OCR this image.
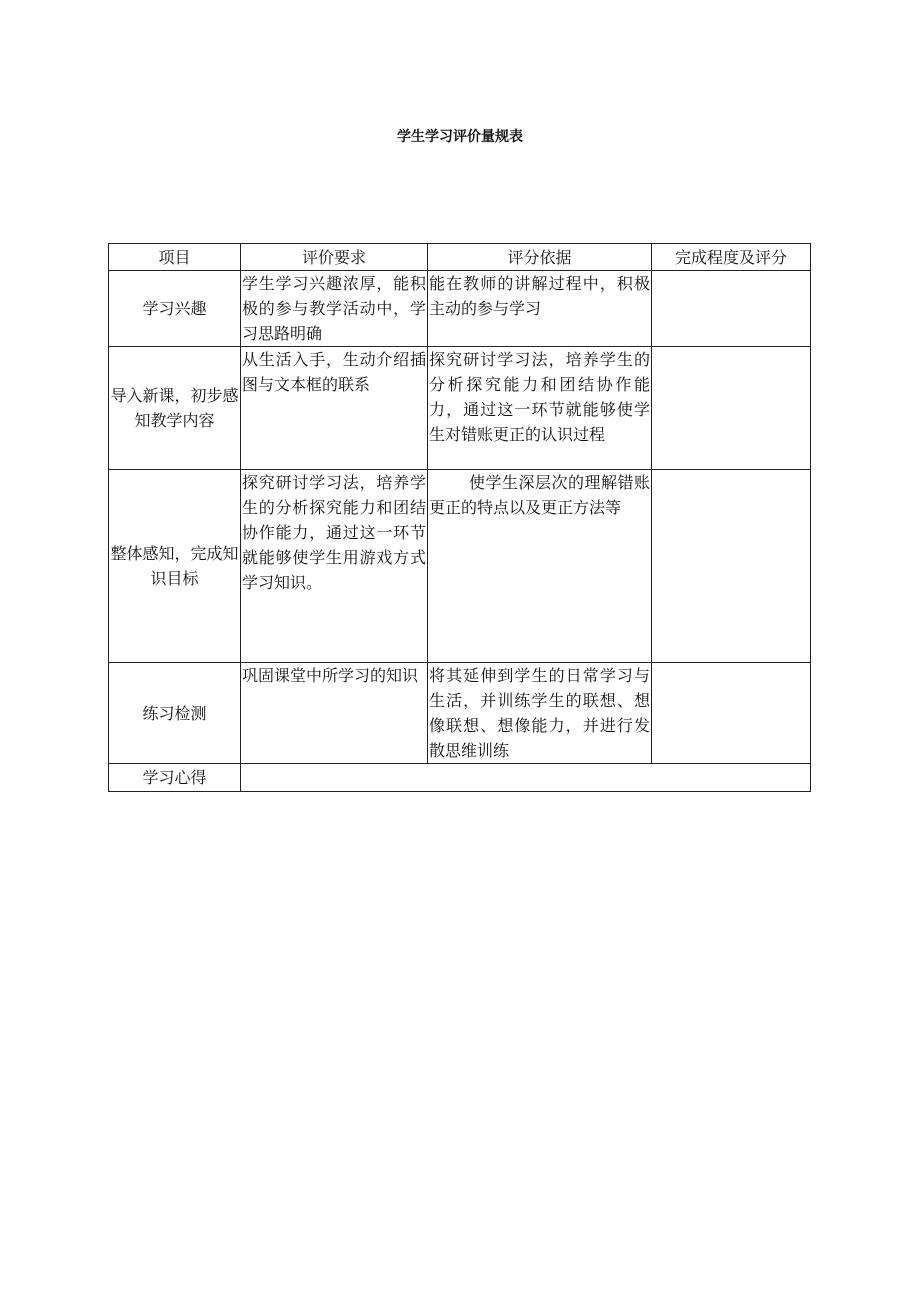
学生学习评价量规表
项目	评价要求	评分依据	完成程度及评分
学习兴趣	学生学习兴趣浓厚，能积极的参与教学活动中，学习思路明确	能在教师的讲解过程中，积极主动的参与学习	
导入新课，初步感知教学内容	从生活入手，生动介绍插图与文本框的联系	探究研讨学习法，培养学生的分析探究能力和团结协作能力，通过这一环节就能够使学生对错账更正的认识过程	
整体感知，完成知识目标	探究研讨学习法，培养学生的分析探究能力和团结协作能力，通过这一环节就能够使学生用游戏方式学习知识。	使学生深层次的理解错账更正的特点以及更正方法等	
练习检测	巩固课堂中所学习的知识	将其延伸到学生的日常学习与生活，并训练学生的联想、想像联想、想像能力，并进行发散思维训练	
学习心得			
